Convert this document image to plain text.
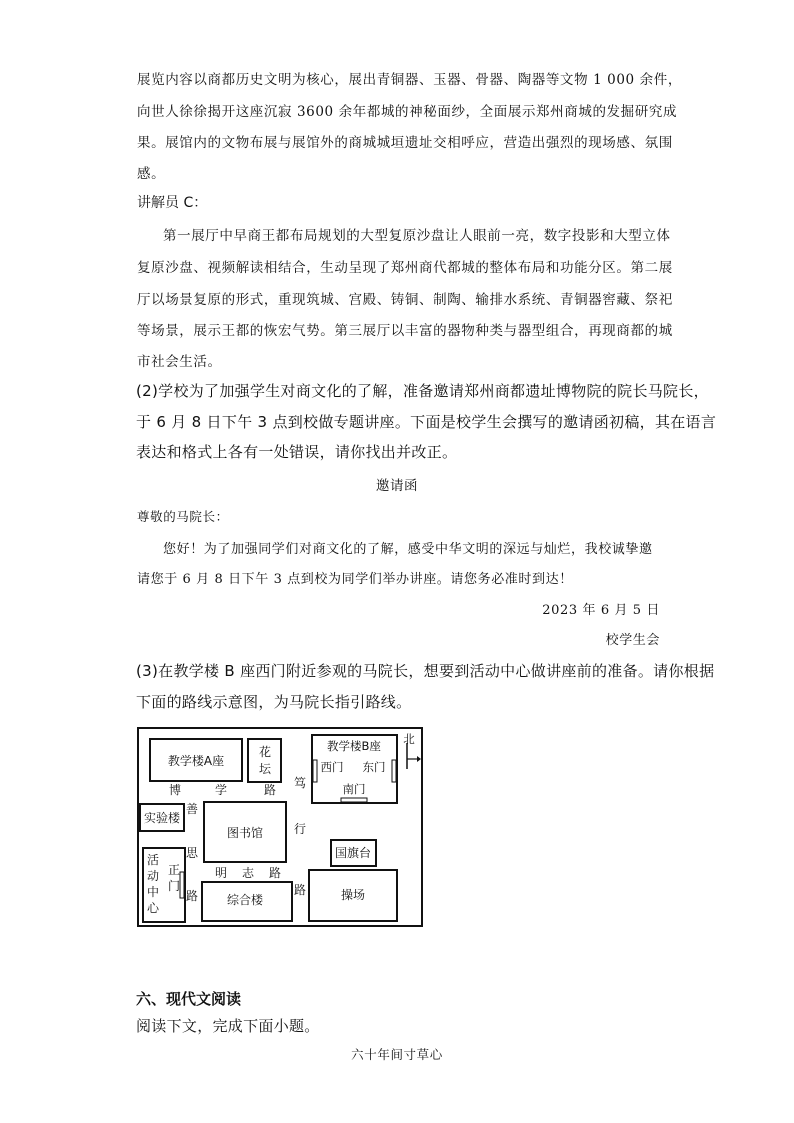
展览内容以商都历史文明为核心，展出青铜器、玉器、骨器、陶器等文物 1 000 余件，

向世人徐徐揭开这座沉寂 3600 余年都城的神秘面纱，全面展示郑州商城的发掘研究成

果。展馆内的文物布展与展馆外的商城城垣遗址交相呼应，营造出强烈的现场感、氛围

感。

讲解员 C：

第一展厅中早商王都布局规划的大型复原沙盘让人眼前一亮，数字投影和大型立体

复原沙盘、视频解读相结合，生动呈现了郑州商代都城的整体布局和功能分区。第二展

厅以场景复原的形式，重现筑城、宫殿、铸铜、制陶、输排水系统、青铜器窖藏、祭祀

等场景，展示王都的恢宏气势。第三展厅以丰富的器物种类与器型组合，再现商都的城

市社会生活。

(2)学校为了加强学生对商文化的了解，准备邀请郑州商都遗址博物院的院长马院长，

于 6 月 8 日下午 3 点到校做专题讲座。下面是校学生会撰写的邀请函初稿，其在语言

表达和格式上各有一处错误，请你找出并改正。

邀请函

尊敬的马院长：

您好！为了加强同学们对商文化的了解，感受中华文明的深远与灿烂，我校诚挚邀

请您于 6 月 8 日下午 3 点到校为同学们举办讲座。请您务必准时到达！

2023 年 6 月 5 日

校学生会

(3)在教学楼 B 座西门附近参观的马院长，想要到活动中心做讲座前的准备。请你根据

下面的路线示意图，为马院长指引路线。

教学楼A座
花
坛
教学楼B座
西门 东门
南门
北
博	学	路 笃
行
路
实验楼
善
思
路
图书馆
国旗台
明 志 路
活
动
中
心
正
门
综合楼	操场

六、现代文阅读

阅读下文，完成下面小题。

六十年间寸草心
